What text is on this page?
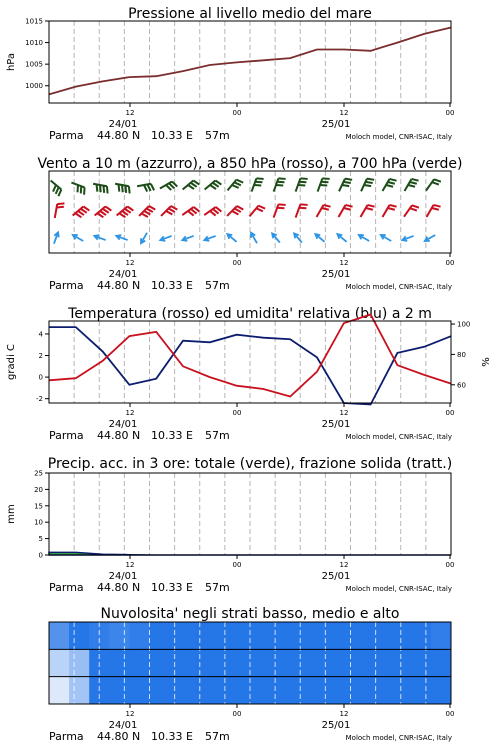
Pressione al livello medio del mare
1000
1005
1010
1015
hPa
12	00	12	00
24/01	25/01
Parma 44.80 N 10.33 E 57m	Moloch model, CNR-ISAC, Italy
Vento a 10 m (azzurro), a 850 hPa (rosso), a 700 hPa (verde)
12	00	12	00
24/01	25/01
Parma 44.80 N 10.33 E 57m	Moloch model, CNR-ISAC, Italy
Temperatura (rosso) ed umidita' relativa (blu) a 2 m
-2
0
2
4
60
80
100
gradi C	%
12	00	12	00
24/01	25/01
Parma 44.80 N 10.33 E 57m	Moloch model, CNR-ISAC, Italy
Precip. acc. in 3 ore: totale (verde), frazione solida (tratt.)
0
5
10
15
20
25
mm
12	00	12	00
24/01	25/01
Parma 44.80 N 10.33 E 57m	Moloch model, CNR-ISAC, Italy
Nuvolosita' negli strati basso, medio e alto
12	00	12	00
24/01	25/01
Parma 44.80 N 10.33 E 57m	Moloch model, CNR-ISAC, Italy
